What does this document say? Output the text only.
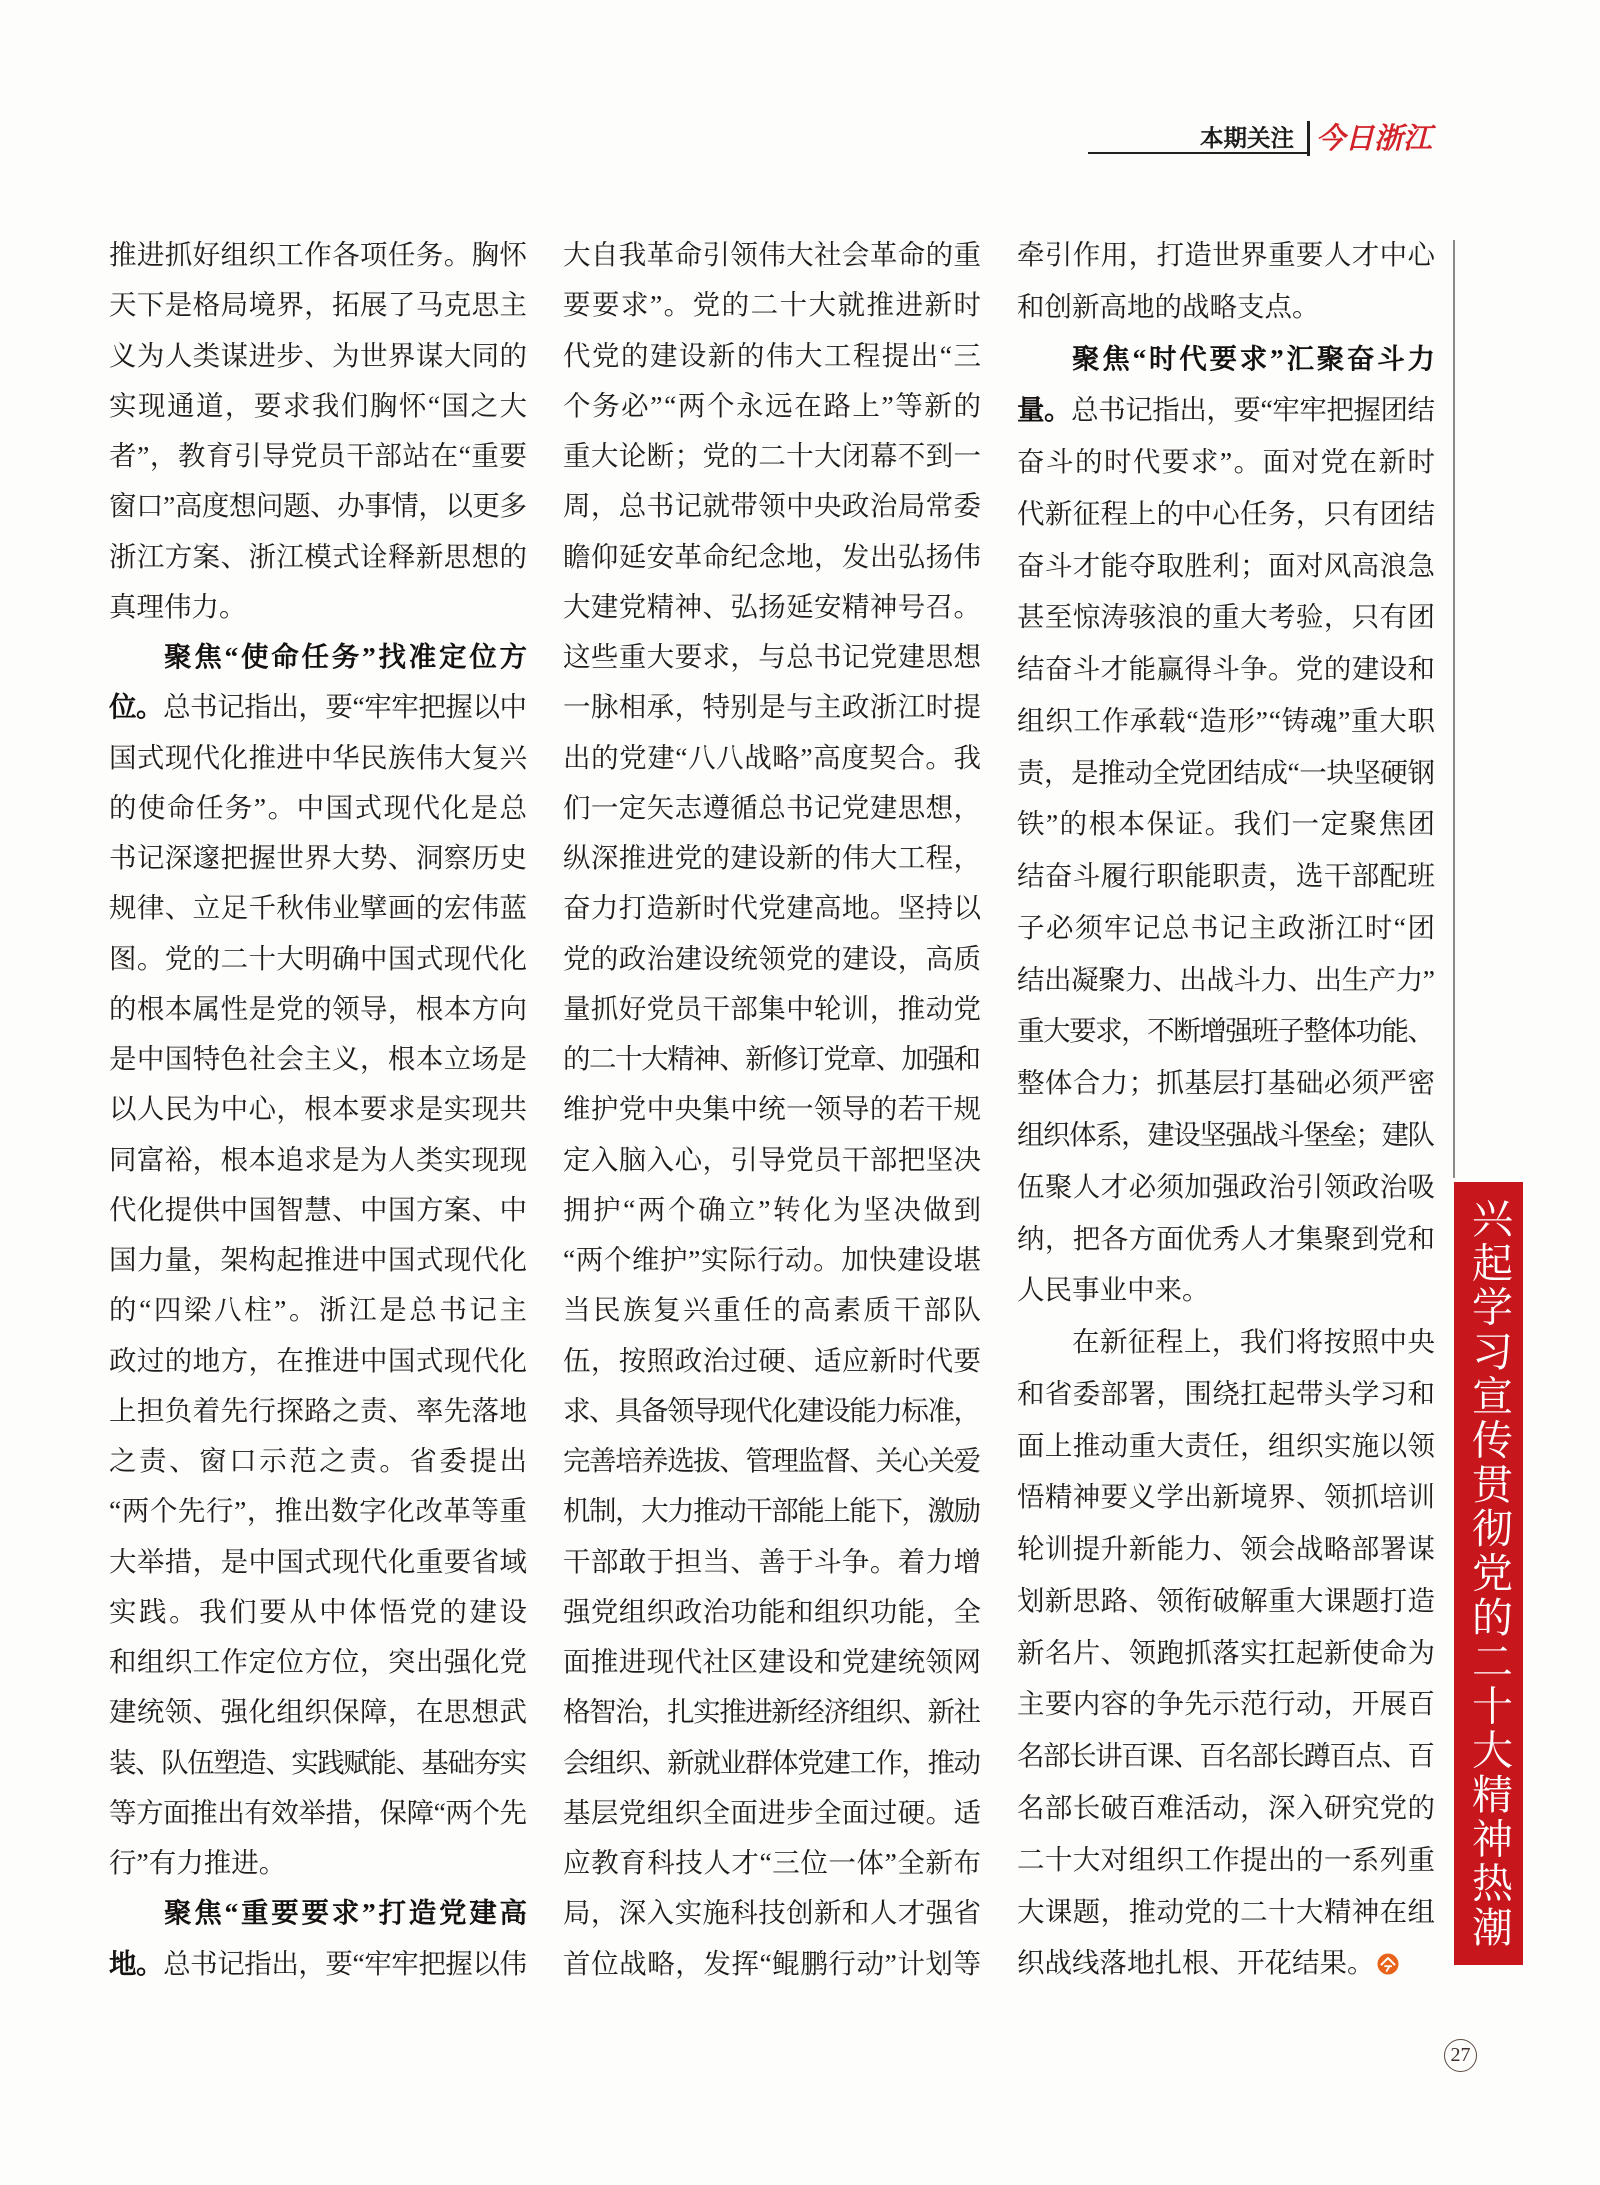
本期关注 今日浙江
推进抓好组织工作各项任务。胸怀
天下是格局境界，拓展了马克思主
义为人类谋进步、为世界谋大同的
实现通道，要求我们胸怀“国之大
者”，教育引导党员干部站在“重要
窗口”高度想问题、办事情，以更多
浙江方案、浙江模式诠释新思想的
真理伟力。
聚焦“使命任务”找准定位方
位。总书记指出，要“牢牢把握以中
国式现代化推进中华民族伟大复兴
的使命任务”。中国式现代化是总
书记深邃把握世界大势、洞察历史
规律、立足千秋伟业擘画的宏伟蓝
图。党的二十大明确中国式现代化
的根本属性是党的领导，根本方向
是中国特色社会主义，根本立场是
以人民为中心，根本要求是实现共
同富裕，根本追求是为人类实现现
代化提供中国智慧、中国方案、中
国力量，架构起推进中国式现代化
的“四梁八柱”。浙江是总书记主
政过的地方，在推进中国式现代化
上担负着先行探路之责、率先落地
之责、窗口示范之责。省委提出
“两个先行”，推出数字化改革等重
大举措，是中国式现代化重要省域
实践。我们要从中体悟党的建设
和组织工作定位方位，突出强化党
建统领、强化组织保障，在思想武
装、队伍塑造、实践赋能、基础夯实
等方面推出有效举措，保障“两个先
行”有力推进。
聚焦“重要要求”打造党建高
地。总书记指出，要“牢牢把握以伟
大自我革命引领伟大社会革命的重
要要求”。党的二十大就推进新时
代党的建设新的伟大工程提出“三
个务必”“两个永远在路上”等新的
重大论断；党的二十大闭幕不到一
周，总书记就带领中央政治局常委
瞻仰延安革命纪念地，发出弘扬伟
大建党精神、弘扬延安精神号召。
这些重大要求，与总书记党建思想
一脉相承，特别是与主政浙江时提
出的党建“八八战略”高度契合。我
们一定矢志遵循总书记党建思想，
纵深推进党的建设新的伟大工程，
奋力打造新时代党建高地。坚持以
党的政治建设统领党的建设，高质
量抓好党员干部集中轮训，推动党
的二十大精神、新修订党章、加强和
维护党中央集中统一领导的若干规
定入脑入心，引导党员干部把坚决
拥护“两个确立”转化为坚决做到
“两个维护”实际行动。加快建设堪
当民族复兴重任的高素质干部队
伍，按照政治过硬、适应新时代要
求、具备领导现代化建设能力标准，
完善培养选拔、管理监督、关心关爱
机制，大力推动干部能上能下，激励
干部敢于担当、善于斗争。着力增
强党组织政治功能和组织功能，全
面推进现代社区建设和党建统领网
格智治，扎实推进新经济组织、新社
会组织、新就业群体党建工作，推动
基层党组织全面进步全面过硬。适
应教育科技人才“三位一体”全新布
局，深入实施科技创新和人才强省
首位战略，发挥“鲲鹏行动”计划等
牵引作用，打造世界重要人才中心
和创新高地的战略支点。
聚焦“时代要求”汇聚奋斗力
量。总书记指出，要“牢牢把握团结
奋斗的时代要求”。面对党在新时
代新征程上的中心任务，只有团结
奋斗才能夺取胜利；面对风高浪急
甚至惊涛骇浪的重大考验，只有团
结奋斗才能赢得斗争。党的建设和
组织工作承载“造形”“铸魂”重大职
责，是推动全党团结成“一块坚硬钢
铁”的根本保证。我们一定聚焦团
结奋斗履行职能职责，选干部配班
子必须牢记总书记主政浙江时“团
结出凝聚力、出战斗力、出生产力”
重大要求，不断增强班子整体功能、
整体合力；抓基层打基础必须严密
组织体系，建设坚强战斗堡垒；建队
伍聚人才必须加强政治引领政治吸
纳，把各方面优秀人才集聚到党和
人民事业中来。
在新征程上，我们将按照中央
和省委部署，围绕扛起带头学习和
面上推动重大责任，组织实施以领
悟精神要义学出新境界、领抓培训
轮训提升新能力、领会战略部署谋
划新思路、领衔破解重大课题打造
新名片、领跑抓落实扛起新使命为
主要内容的争先示范行动，开展百
名部长讲百课、百名部长蹲百点、百
名部长破百难活动，深入研究党的
二十大对组织工作提出的一系列重
大课题，推动党的二十大精神在组
织战线落地扎根、开花结果。
兴起学习宣传贯彻党的二十大精神热潮
27
